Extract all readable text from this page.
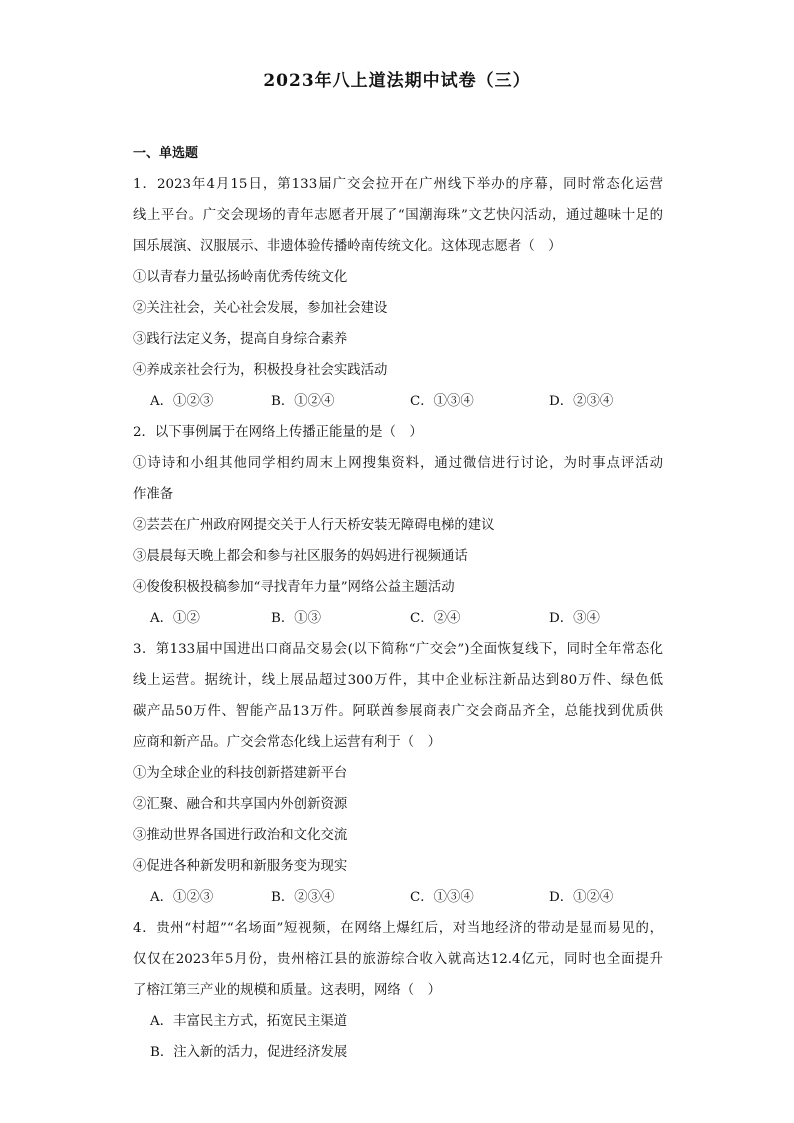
2023年八上道法期中试卷（三）
一、单选题
1．2023年4月15日，第133届广交会拉开在广州线下举办的序幕，同时常态化运营
线上平台。广交会现场的青年志愿者开展了“国潮海珠”文艺快闪活动，通过趣味十足的
国乐展演、汉服展示、非遗体验传播岭南传统文化。这体现志愿者（　）
①以青春力量弘扬岭南优秀传统文化
②关注社会，关心社会发展，参加社会建设
③践行法定义务，提高自身综合素养
④养成亲社会行为，积极投身社会实践活动
A．①②③	B．①②④	C．①③④	D．②③④
2．以下事例属于在网络上传播正能量的是（　）
①诗诗和小组其他同学相约周末上网搜集资料，通过微信进行讨论，为时事点评活动
作准备
②芸芸在广州政府网提交关于人行天桥安装无障碍电梯的建议
③晨晨每天晚上都会和参与社区服务的妈妈进行视频通话
④俊俊积极投稿参加“寻找青年力量”网络公益主题活动
A．①②	B．①③	C．②④	D．③④
3．第133届中国进出口商品交易会(以下简称“广交会”)全面恢复线下，同时全年常态化
线上运营。据统计，线上展品超过300万件，其中企业标注新品达到80万件、绿色低
碳产品50万件、智能产品13万件。阿联酋参展商表广交会商品齐全，总能找到优质供
应商和新产品。广交会常态化线上运营有利于（　）
①为全球企业的科技创新搭建新平台
②汇聚、融合和共享国内外创新资源
③推动世界各国进行政治和文化交流
④促进各种新发明和新服务变为现实
A．①②③	B．②③④	C．①③④	D．①②④
4．贵州“村超”“名场面”短视频，在网络上爆红后，对当地经济的带动是显而易见的，
仅仅在2023年5月份，贵州榕江县的旅游综合收入就高达12.4亿元，同时也全面提升
了榕江第三产业的规模和质量。这表明，网络（　）
A．丰富民主方式，拓宽民主渠道
B．注入新的活力，促进经济发展
